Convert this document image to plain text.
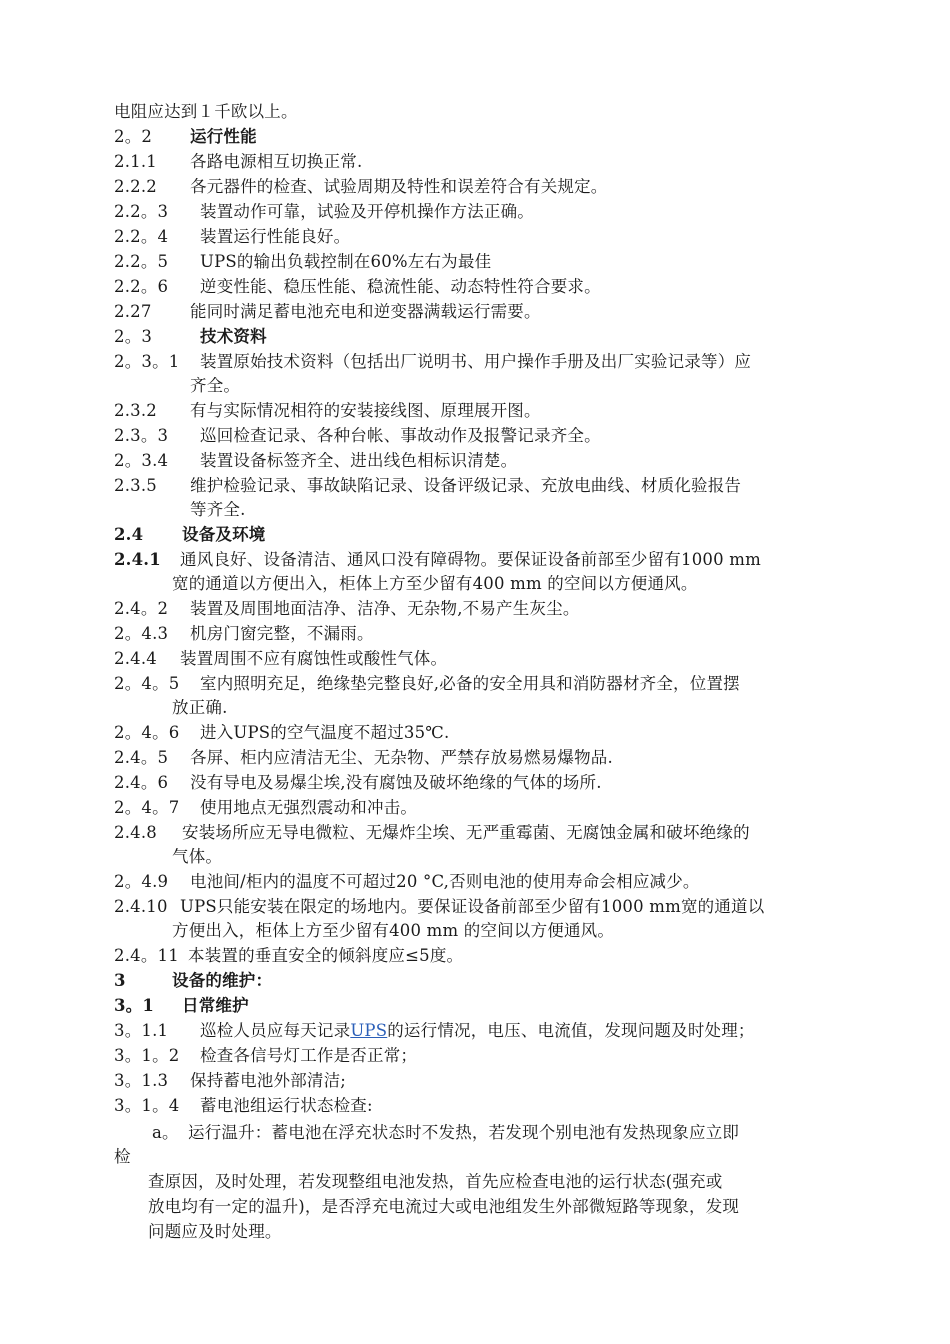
电阻应达到１千欧以上。
2。2 运行性能
2.1.1 各路电源相互切换正常.
2.2.2 各元器件的检查、试验周期及特性和误差符合有关规定。
2.2。3 装置动作可靠，试验及开停机操作方法正确。
2.2。4 装置运行性能良好。
2.2。5 UPS的输出负载控制在60%左右为最佳
2.2。6 逆变性能、稳压性能、稳流性能、动态特性符合要求。
2.27 能同时满足蓄电池充电和逆变器满载运行需要。
2。3	技术资料
2。3。1 装置原始技术资料（包括出厂说明书、用户操作手册及出厂实验记录等）应
齐全。
2.3.2 有与实际情况相符的安装接线图、原理展开图。
2.3。3 巡回检查记录、各种台帐、事故动作及报警记录齐全。
2。3.4 装置设备标签齐全、进出线色相标识清楚。
2.3.5 维护检验记录、事故缺陷记录、设备评级记录、充放电曲线、材质化验报告
等齐全.
2.4 设备及环境
2.4.1 通风良好、设备清洁、通风口没有障碍物。要保证设备前部至少留有1000 mm
宽的通道以方便出入，柜体上方至少留有400 mm 的空间以方便通风。
2.4。2 装置及周围地面洁净、洁净、无杂物,不易产生灰尘。
2。4.3 机房门窗完整，不漏雨。
2.4.4 装置周围不应有腐蚀性或酸性气体。
2。4。5 室内照明充足，绝缘垫完整良好,必备的安全用具和消防器材齐全，位置摆
放正确.
2。4。6 进入UPS的空气温度不超过35℃.
2.4。5 各屏、柜内应清洁无尘、无杂物、严禁存放易燃易爆物品.
2.4。6 没有导电及易爆尘埃,没有腐蚀及破坏绝缘的气体的场所.
2。4。7 使用地点无强烈震动和冲击。
2.4.8 安装场所应无导电微粒、无爆炸尘埃、无严重霉菌、无腐蚀金属和破坏绝缘的
气体。
2。4.9 电池间/柜内的温度不可超过20 °C,否则电池的使用寿命会相应减少。
2.4.10 UPS只能安装在限定的场地内。要保证设备前部至少留有1000 mm宽的通道以
方便出入，柜体上方至少留有400 mm 的空间以方便通风。
2.4。11 本装置的垂直安全的倾斜度应≤5度。
3	设备的维护：
3。1 日常维护
3。1.1 巡检人员应每天记录UPS的运行情况，电压、电流值，发现问题及时处理；
3。1。2 检查各信号灯工作是否正常；
3。1.3 保持蓄电池外部清洁;
3。1。4 蓄电池组运行状态检查:
a。 运行温升：蓄电池在浮充状态时不发热，若发现个别电池有发热现象应立即
检
查原因，及时处理，若发现整组电池发热，首先应检查电池的运行状态(强充或
放电均有一定的温升)，是否浮充电流过大或电池组发生外部微短路等现象，发现
问题应及时处理。
